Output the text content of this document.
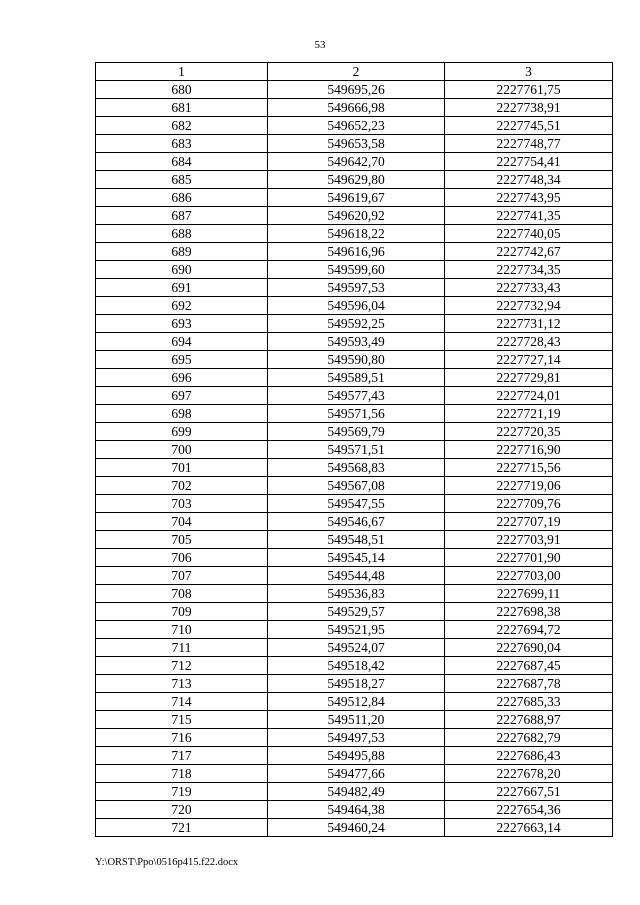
53
1	2	3
680	549695,26	2227761,75
681	549666,98	2227738,91
682	549652,23	2227745,51
683	549653,58	2227748,77
684	549642,70	2227754,41
685	549629,80	2227748,34
686	549619,67	2227743,95
687	549620,92	2227741,35
688	549618,22	2227740,05
689	549616,96	2227742,67
690	549599,60	2227734,35
691	549597,53	2227733,43
692	549596,04	2227732,94
693	549592,25	2227731,12
694	549593,49	2227728,43
695	549590,80	2227727,14
696	549589,51	2227729,81
697	549577,43	2227724,01
698	549571,56	2227721,19
699	549569,79	2227720,35
700	549571,51	2227716,90
701	549568,83	2227715,56
702	549567,08	2227719,06
703	549547,55	2227709,76
704	549546,67	2227707,19
705	549548,51	2227703,91
706	549545,14	2227701,90
707	549544,48	2227703,00
708	549536,83	2227699,11
709	549529,57	2227698,38
710	549521,95	2227694,72
711	549524,07	2227690,04
712	549518,42	2227687,45
713	549518,27	2227687,78
714	549512,84	2227685,33
715	549511,20	2227688,97
716	549497,53	2227682,79
717	549495,88	2227686,43
718	549477,66	2227678,20
719	549482,49	2227667,51
720	549464,38	2227654,36
721	549460,24	2227663,14
Y:\ORST\Ppo\0516p415.f22.docx
